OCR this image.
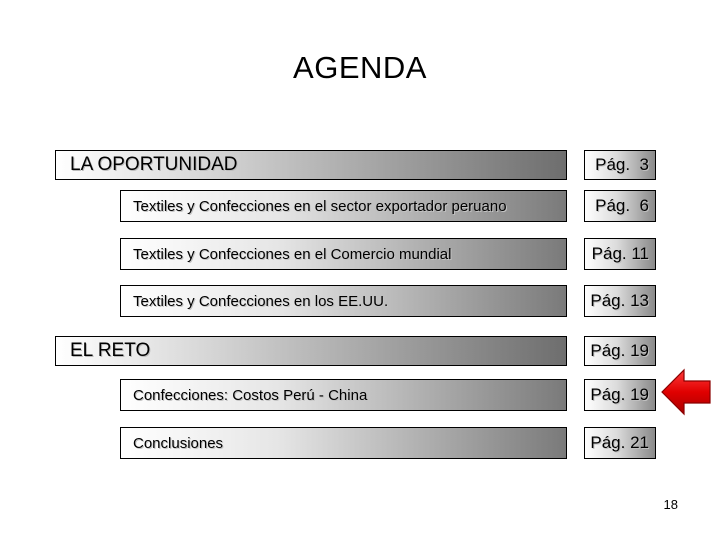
AGENDA
LA OPORTUNIDAD	Pág.  3
Textiles y Confecciones en el sector exportador peruano	Pág.  6
Textiles y Confecciones en el Comercio mundial	Pág. 11
Textiles y Confecciones en los EE.UU.	Pág. 13
EL RETO	Pág. 19
Confecciones: Costos Perú - China	Pág. 19
Conclusiones	Pág. 21
18
